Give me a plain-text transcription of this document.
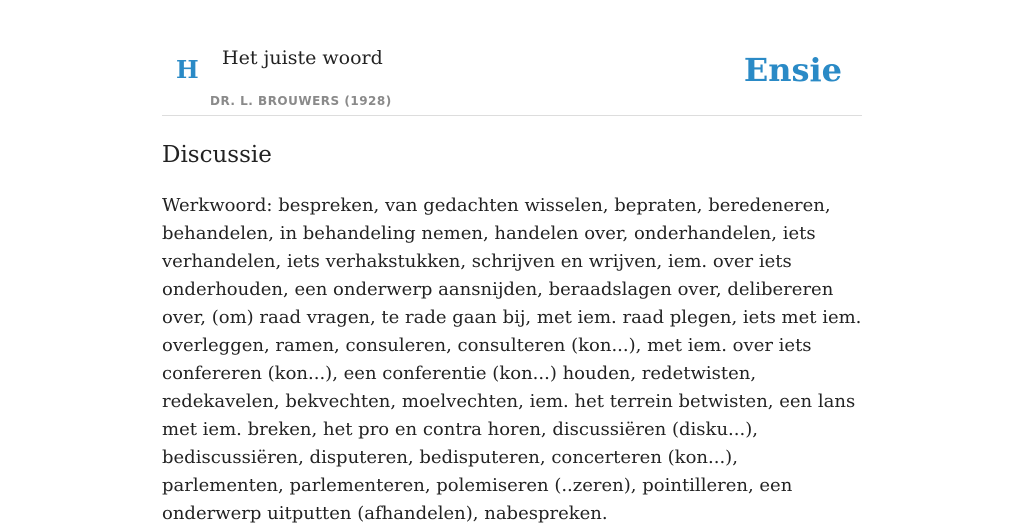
H Het juiste woord
DR. L. BROUWERS (1928)
Ensie
Discussie

Werkwoord: bespreken, van gedachten wisselen, bepraten, beredeneren, behandelen, in behandeling nemen, handelen over, onderhandelen, iets verhandelen, iets verhakstukken, schrijven en wrijven, iem. over iets onderhouden, een onderwerp aansnijden, beraadslagen over, delibereren over, (om) raad vragen, te rade gaan bij, met iem. raad plegen, iets met iem. overleggen, ramen, consuleren, consulteren (kon...), met iem. over iets confereren (kon...), een conferentie (kon...) houden, redetwisten, redekavelen, bekvechten, moelvechten, iem. het terrein betwisten, een lans met iem. breken, het pro en contra horen, discussiëren (disku...), bediscussiëren, disputeren, bedisputeren, concerteren (kon...), parlementen, parlementeren, polemiseren (..zeren), pointilleren, een onderwerp uitputten (afhandelen), nabespreken.
